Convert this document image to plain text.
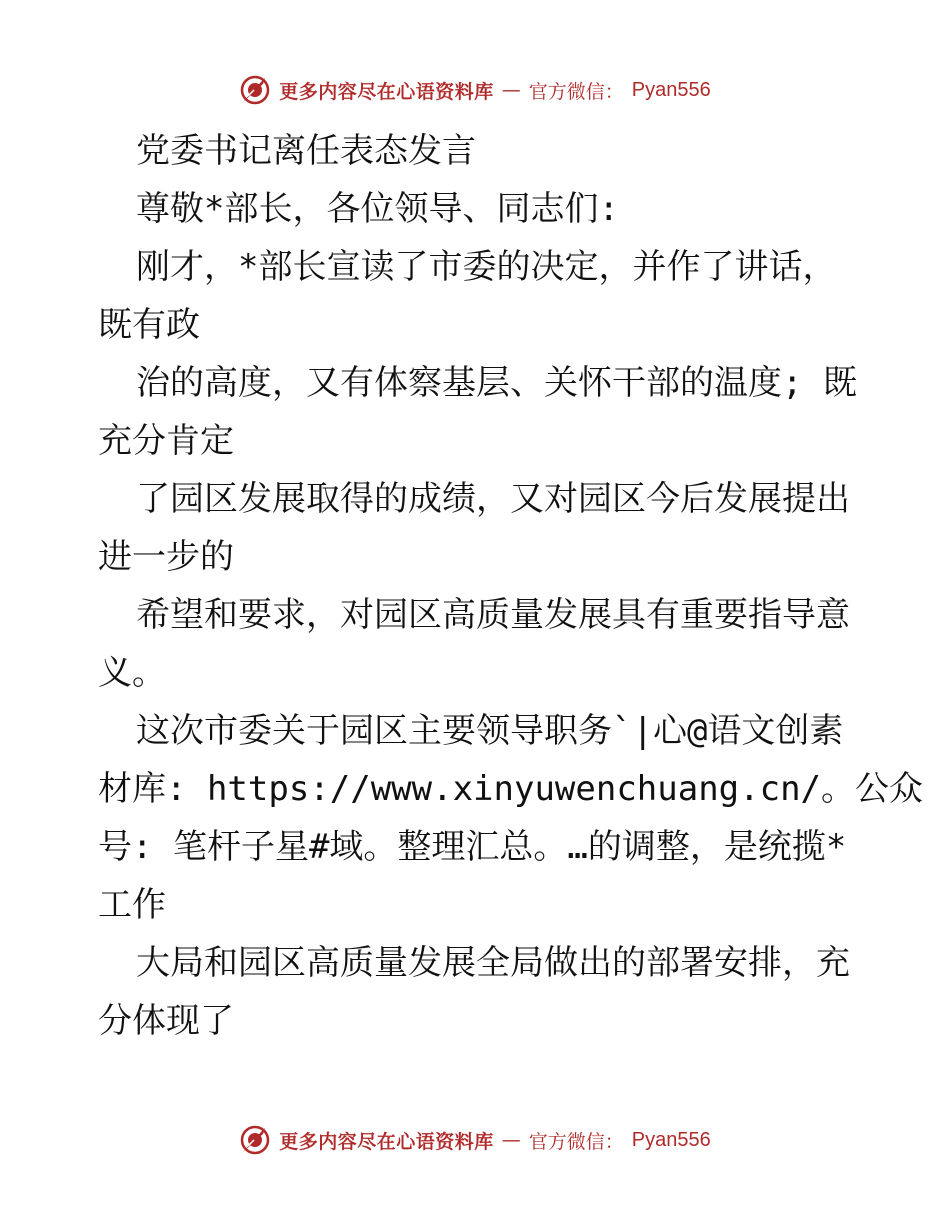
更多内容尽在心语资料库 — 官方微信： Pyan556
党委书记离任表态发言
尊敬*部长，各位领导、同志们:
刚才，*部长宣读了市委的决定，并作了讲话，
既有政
治的高度，又有体察基层、关怀干部的温度; 既
充分肯定
了园区发展取得的成绩，又对园区今后发展提出
进一步的
希望和要求，对园区高质量发展具有重要指导意
义。
这次市委关于园区主要领导职务`|心@语文创素
材库: https://www.xinyuwenchuang.cn/。公众
号: 笔杆子星#域。整理汇总。…的调整，是统揽*
工作
大局和园区高质量发展全局做出的部署安排，充
分体现了
更多内容尽在心语资料库 — 官方微信： Pyan556
